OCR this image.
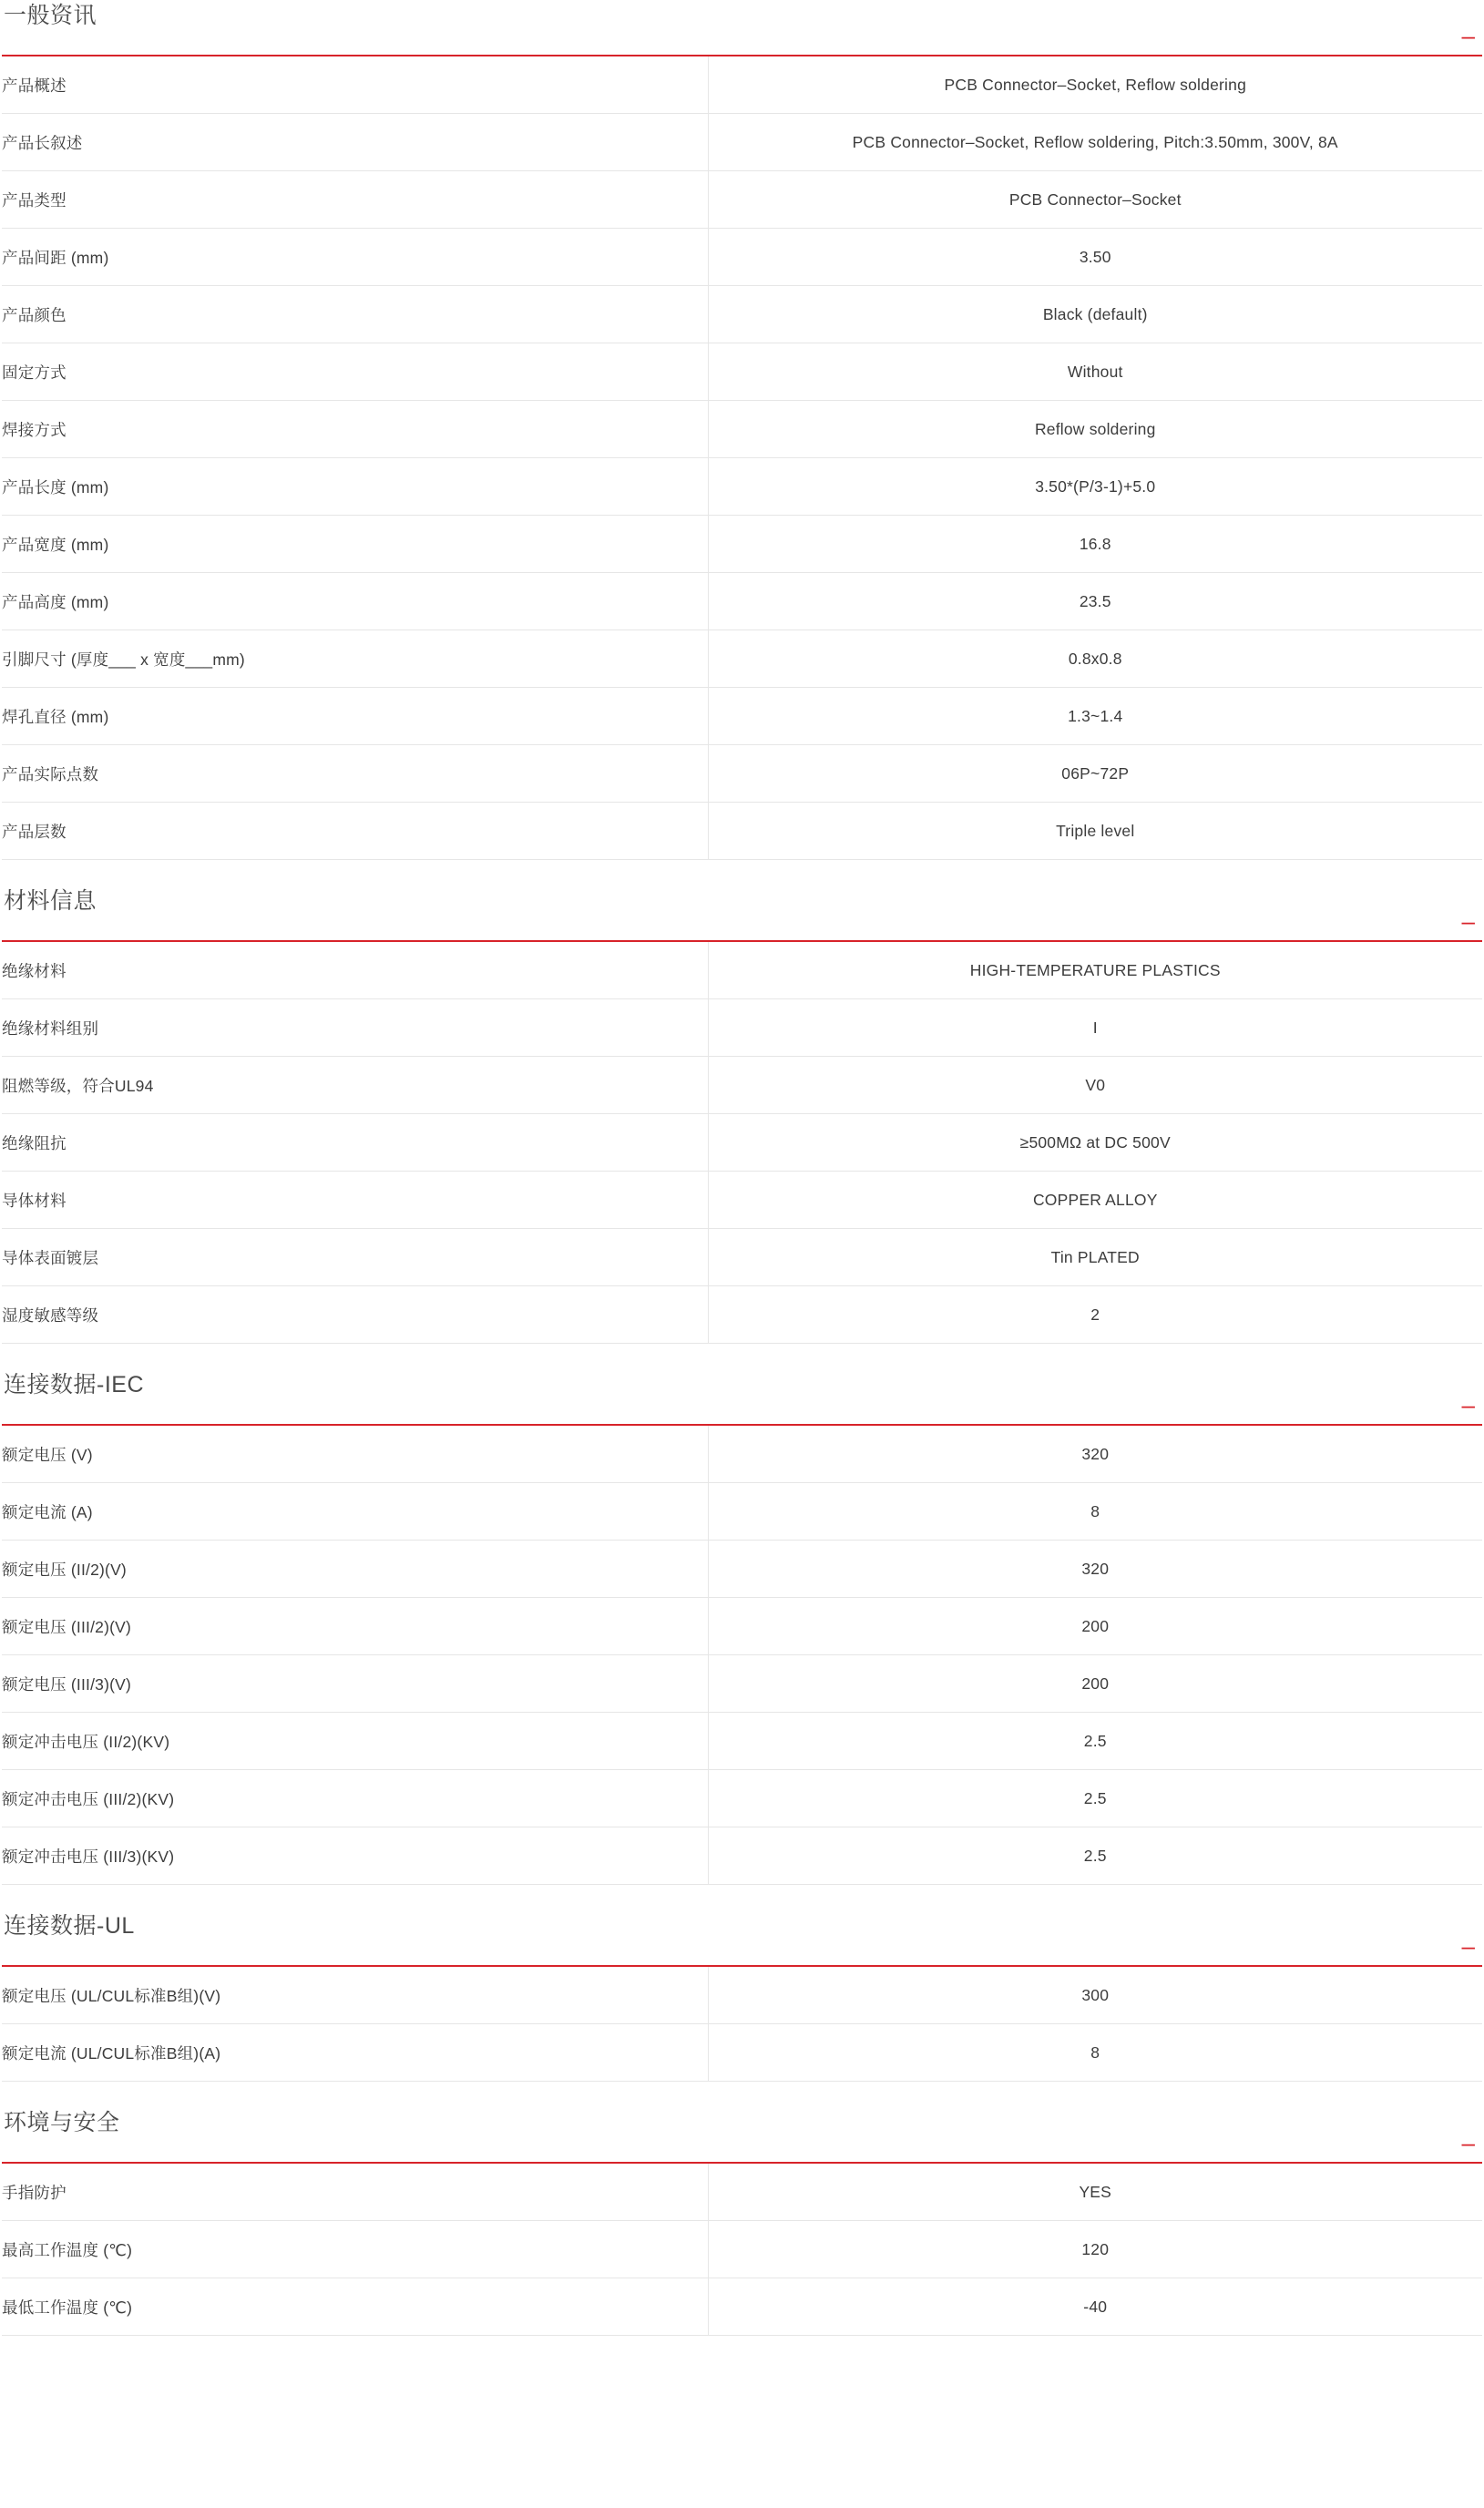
一般资讯
–
产品概述	PCB Connector–Socket, Reflow soldering
产品长叙述	PCB Connector–Socket, Reflow soldering, Pitch:3.50mm, 300V, 8A
产品类型	PCB Connector–Socket
产品间距 (mm)	3.50
产品颜色	Black (default)
固定方式	Without
焊接方式	Reflow soldering
产品长度 (mm)	3.50*(P/3-1)+5.0
产品宽度 (mm)	16.8
产品高度 (mm)	23.5
引脚尺寸 (厚度___ x 宽度___mm)	0.8x0.8
焊孔直径 (mm)	1.3~1.4
产品实际点数	06P~72P
产品层数	Triple level
材料信息
–
绝缘材料	HIGH-TEMPERATURE PLASTICS
绝缘材料组别	I
阻燃等级，符合UL94	V0
绝缘阻抗	≥500MΩ at DC 500V
导体材料	COPPER ALLOY
导体表面镀层	Tin PLATED
湿度敏感等级	2
连接数据-IEC
–
额定电压 (V)	320
额定电流 (A)	8
额定电压 (II/2)(V)	320
额定电压 (III/2)(V)	200
额定电压 (III/3)(V)	200
额定冲击电压 (II/2)(KV)	2.5
额定冲击电压 (III/2)(KV)	2.5
额定冲击电压 (III/3)(KV)	2.5
连接数据-UL
–
额定电压 (UL/CUL标准B组)(V)	300
额定电流 (UL/CUL标准B组)(A)	8
环境与安全
–
手指防护	YES
最高工作温度 (℃)	120
最低工作温度 (℃)	-40
